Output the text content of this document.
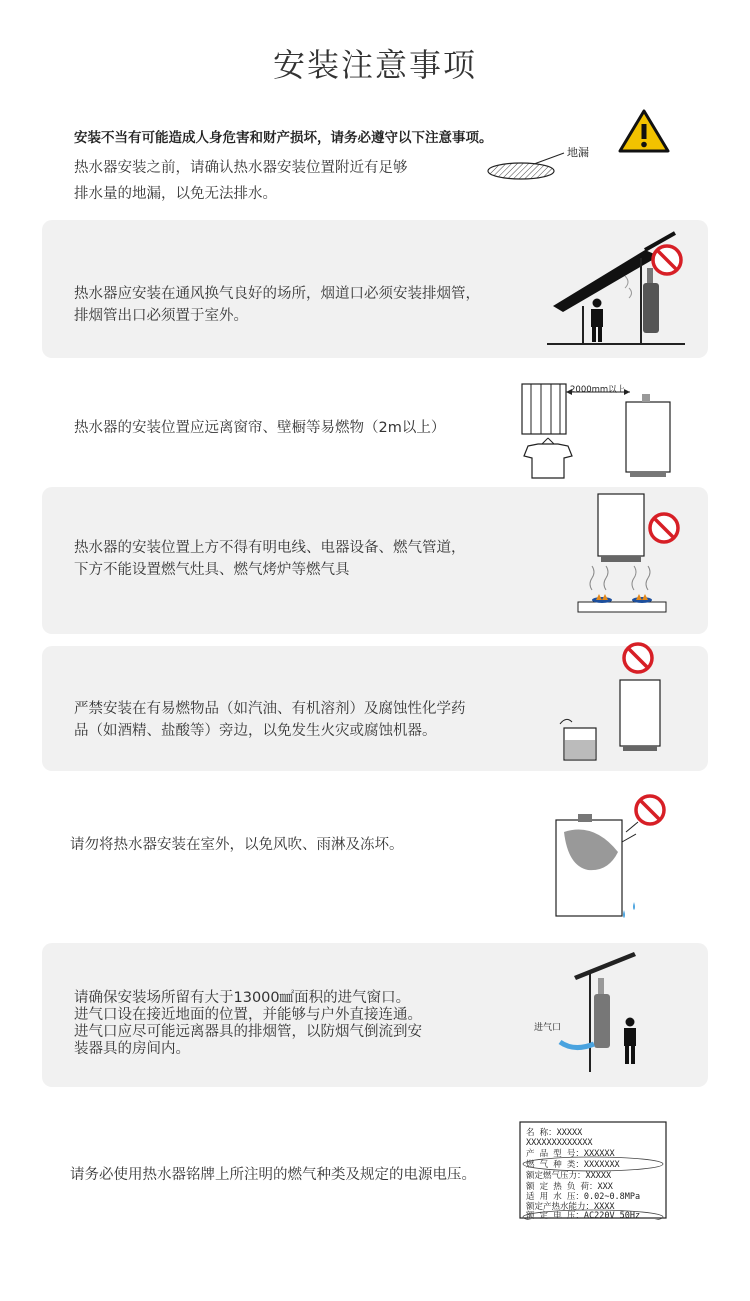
安装注意事项
安装不当有可能造成人身危害和财产损坏，请务必遵守以下注意事项。
热水器安装之前，请确认热水器安装位置附近有足够
排水量的地漏，以免无法排水。
地漏
热水器应安装在通风换气良好的场所，烟道口必须安装排烟管，
排烟管出口必须置于室外。
热水器的安装位置应远离窗帘、壁橱等易燃物（2m以上）
2000mm以上
热水器的安装位置上方不得有明电线、电器设备、燃气管道，
下方不能设置燃气灶具、燃气烤炉等燃气具
严禁安装在有易燃物品（如汽油、有机溶剂）及腐蚀性化学药
品（如酒精、盐酸等）旁边，以免发生火灾或腐蚀机器。
请勿将热水器安装在室外，以免风吹、雨淋及冻坏。
请确保安装场所留有大于13000㎟面积的进气窗口。
进气口设在接近地面的位置，并能够与户外直接连通。
进气口应尽可能远离器具的排烟管，以防烟气倒流到安
装器具的房间内。
进气口
请务必使用热水器铭牌上所注明的燃气种类及规定的电源电压。
名 称：XXXXX
XXXXXXXXXXXXX
产 品 型 号：XXXXXX
燃 气 种 类：XXXXXXX
额定燃气压力：XXXXX
额 定 热 负 荷：XXX
适 用 水 压：0.02~0.8MPa
额定产热水能力：XXXX
额 定 电 压：AC220V 50Hz
